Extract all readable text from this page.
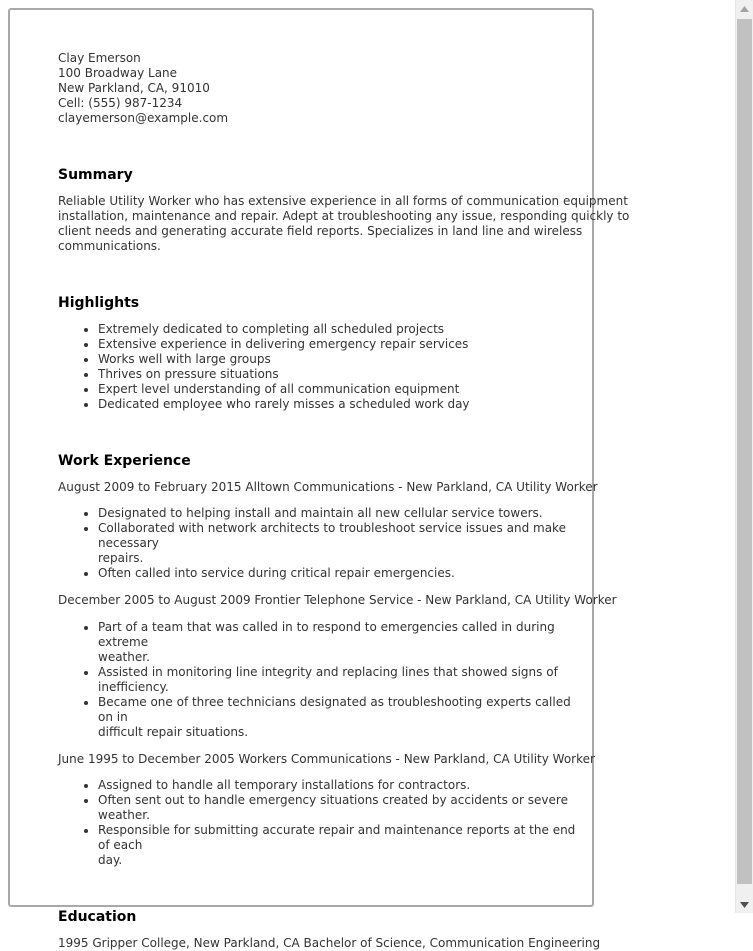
Clay Emerson
100 Broadway Lane
New Parkland, CA, 91010
Cell: (555) 987-1234
clayemerson@example.com
Summary
Reliable Utility Worker who has extensive experience in all forms of communication equipment
installation, maintenance and repair. Adept at troubleshooting any issue, responding quickly to
client needs and generating accurate field reports. Specializes in land line and wireless
communications.
Highlights
• Extremely dedicated to completing all scheduled projects
• Extensive experience in delivering emergency repair services
• Works well with large groups
• Thrives on pressure situations
• Expert level understanding of all communication equipment
• Dedicated employee who rarely misses a scheduled work day
Work Experience
August 2009 to February 2015 Alltown Communications - New Parkland, CA Utility Worker
• Designated to helping install and maintain all new cellular service towers.
• Collaborated with network architects to troubleshoot service issues and make necessary
repairs.
• Often called into service during critical repair emergencies.
December 2005 to August 2009 Frontier Telephone Service - New Parkland, CA Utility Worker
• Part of a team that was called in to respond to emergencies called in during extreme
weather.
• Assisted in monitoring line integrity and replacing lines that showed signs of inefficiency.
• Became one of three technicians designated as troubleshooting experts called on in
difficult repair situations.
June 1995 to December 2005 Workers Communications - New Parkland, CA Utility Worker
• Assigned to handle all temporary installations for contractors.
• Often sent out to handle emergency situations created by accidents or severe weather.
• Responsible for submitting accurate repair and maintenance reports at the end of each
day.
Education
1995 Gripper College, New Parkland, CA Bachelor of Science, Communication Engineering
